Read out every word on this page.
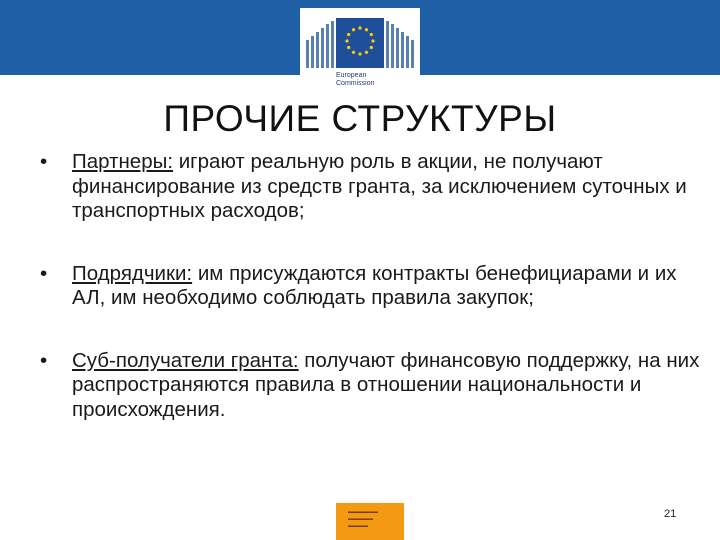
European
Commission
ПРОЧИЕ СТРУКТУРЫ
•	Партнеры: играют реальную роль в акции, не получают финансирование из средств гранта, за исключением суточных и транспортных расходов;
•	Подрядчики: им присуждаются контракты бенефициарами и их АЛ, им необходимо соблюдать правила закупок;
•	Суб-получатели гранта: получают финансовую поддержку, на них распространяются правила в отношении национальности и происхождения.
▬▬▬▬▬▬
▬▬▬▬▬
▬▬▬▬
21
